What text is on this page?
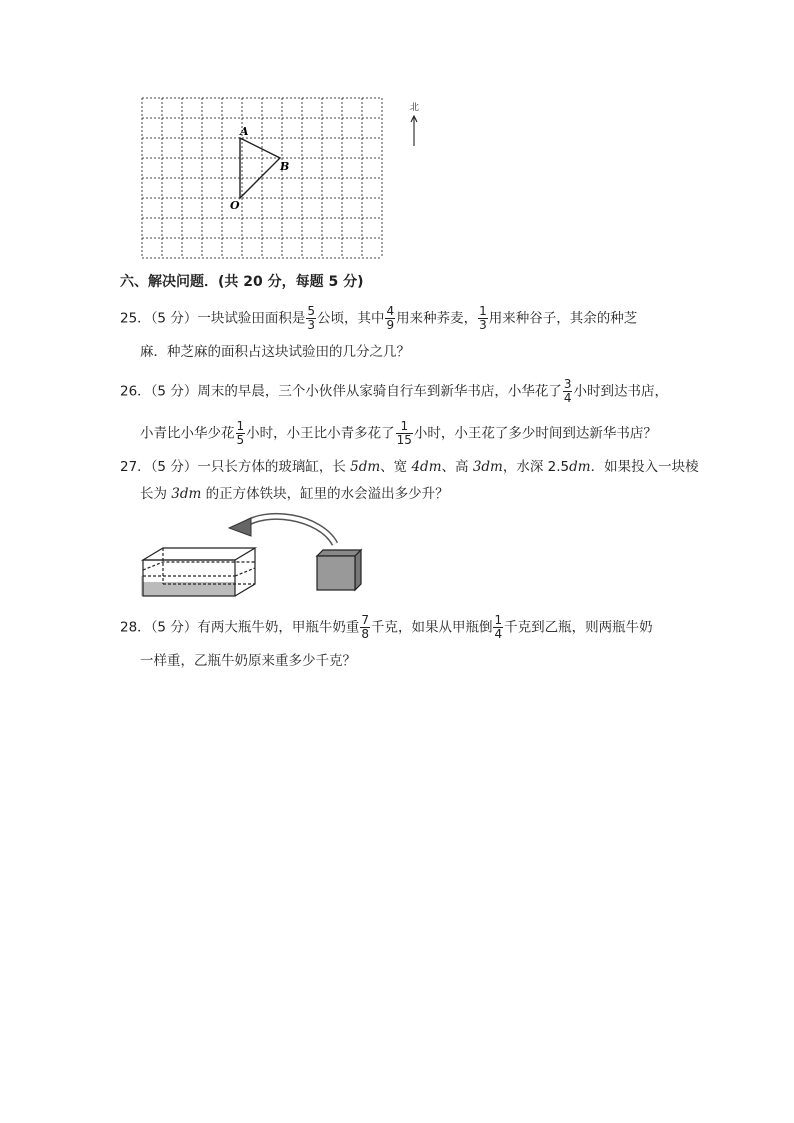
A
B
O
北
六、解决问题．(共 20 分，每题 5 分)
25．（5 分）一块试验田面积是 $\frac{5}{3}$ 公顷，其中 $\frac{4}{9}$ 用来种荞麦， $\frac{1}{3}$ 用来种谷子，其余的种芝
麻．种芝麻的面积占这块试验田的几分之几？
26．（5 分）周末的早晨，三个小伙伴从家骑自行车到新华书店，小华花了 $\frac{3}{4}$ 小时到达书店，
小青比小华少花 $\frac{1}{5}$ 小时，小王比小青多花了 $\frac{1}{15}$ 小时，小王花了多少时间到达新华书店？
27．（5 分）一只长方体的玻璃缸，长 5dm、宽 4dm、高 3dm，水深 2.5dm．如果投入一块棱
长为 3dm 的正方体铁块，缸里的水会溢出多少升？
28．（5 分）有两大瓶牛奶，甲瓶牛奶重 $\frac{7}{8}$ 千克，如果从甲瓶倒 $\frac{1}{4}$ 千克到乙瓶，则两瓶牛奶
一样重，乙瓶牛奶原来重多少千克？
